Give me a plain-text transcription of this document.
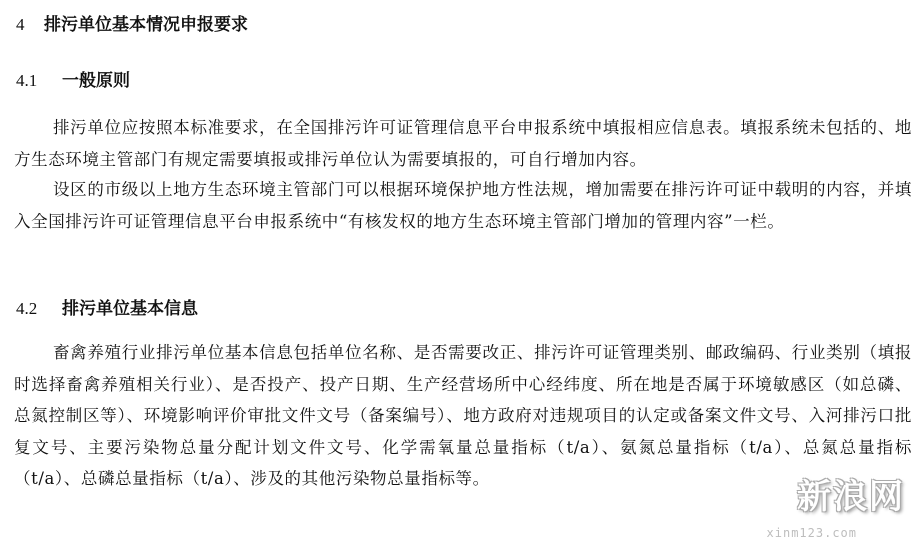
4 排污单位基本情况申报要求
4.1 一般原则
排污单位应按照本标准要求，在全国排污许可证管理信息平台申报系统中填报相应信息表。填报系统未包括的、地方生态环境主管部门有规定需要填报或排污单位认为需要填报的，可自行增加内容。
设区的市级以上地方生态环境主管部门可以根据环境保护地方性法规，增加需要在排污许可证中载明的内容，并填入全国排污许可证管理信息平台申报系统中“有核发权的地方生态环境主管部门增加的管理内容”一栏。
4.2 排污单位基本信息
畜禽养殖行业排污单位基本信息包括单位名称、是否需要改正、排污许可证管理类别、邮政编码、行业类别（填报时选择畜禽养殖相关行业）、是否投产、投产日期、生产经营场所中心经纬度、所在地是否属于环境敏感区（如总磷、总氮控制区等）、环境影响评价审批文件文号（备案编号）、地方政府对违规项目的认定或备案文件文号、入河排污口批复文号、主要污染物总量分配计划文件文号、化学需氧量总量指标（t/a）、氨氮总量指标（t/a）、总氮总量指标（t/a）、总磷总量指标（t/a）、涉及的其他污染物总量指标等。	新浪网
xinm123.com
